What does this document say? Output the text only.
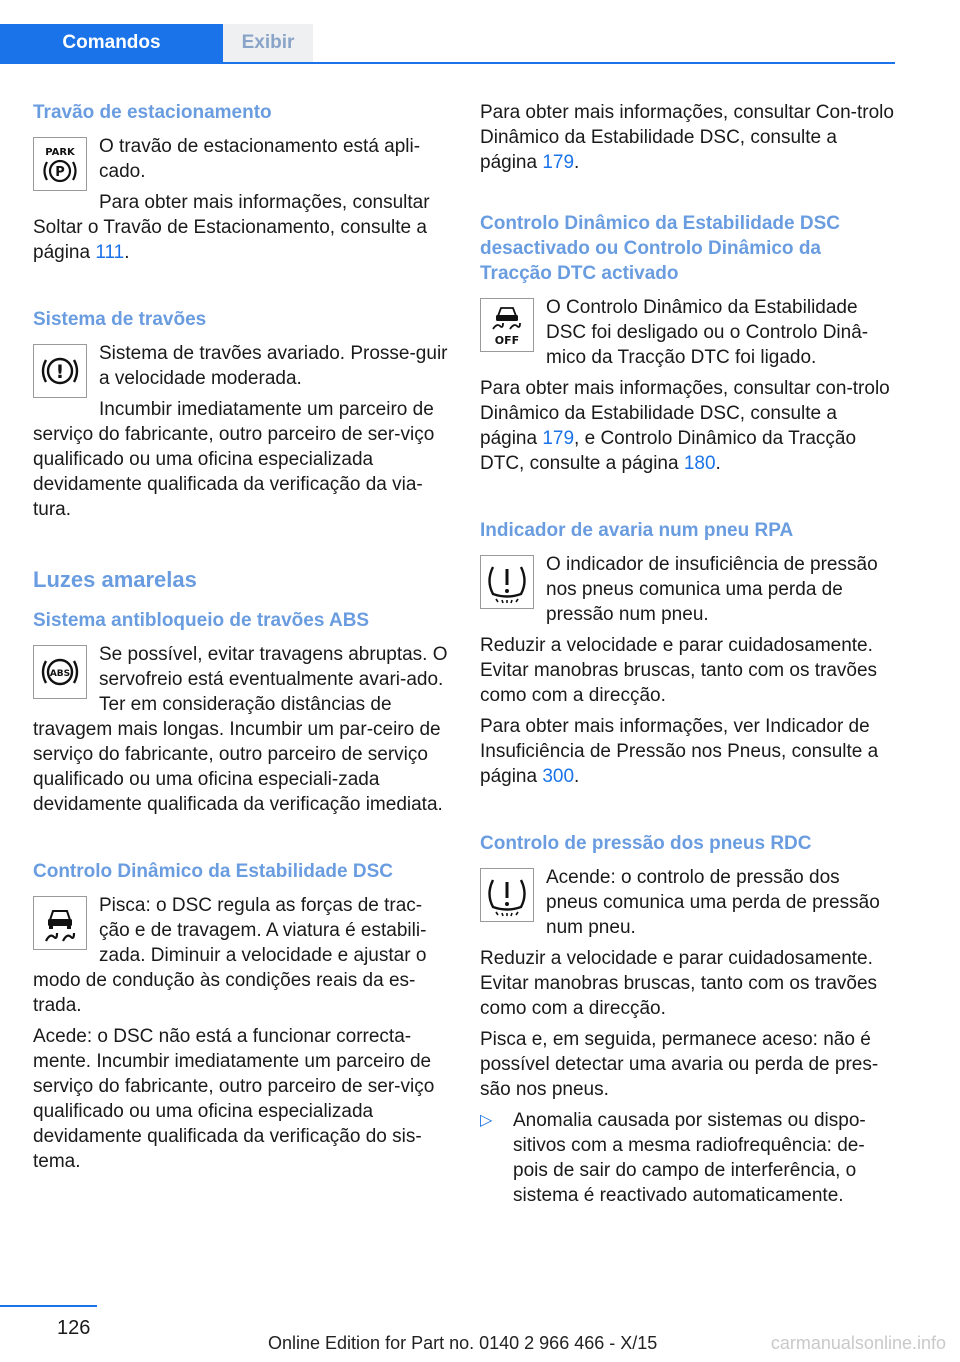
Comandos	Exibir
Travão de estacionamento
PARK
P

O travão de estacionamento está apli‐cado.

Para obter mais informações, consultar Soltar o Travão de Estacionamento, consulte a página 111.

Sistema de travões
!

Sistema de travões avariado. Prosse‐guir a velocidade moderada.

Incumbir imediatamente um parceiro de serviço do fabricante, outro parceiro de ser‐viço qualificado ou uma oficina especializada devidamente qualificada da verificação da via‐tura.

Luzes amarelas
Sistema antibloqueio de travões ABS
ABS

Se possível, evitar travagens abruptas. O servofreio está eventualmente avari‐ado. Ter em consideração distâncias de travagem mais longas. Incumbir um par‐ceiro de serviço do fabricante, outro parceiro de serviço qualificado ou uma oficina especiali‐zada devidamente qualificada da verificação imediata.

Controlo Dinâmico da Estabilidade DSC

Pisca: o DSC regula as forças de trac‐ção e de travagem. A viatura é estabili‐zada. Diminuir a velocidade e ajustar o modo de condução às condições reais da es‐trada.

Acede: o DSC não está a funcionar correcta‐mente. Incumbir imediatamente um parceiro de serviço do fabricante, outro parceiro de ser‐viço qualificado ou uma oficina especializada devidamente qualificada da verificação do sis‐tema.

Para obter mais informações, consultar Con‐trolo Dinâmico da Estabilidade DSC, consulte a página 179.

Controlo Dinâmico da Estabilidade DSC desactivado ou Controlo Dinâmico da Tracção DTC activado
OFF

O Controlo Dinâmico da Estabilidade DSC foi desligado ou o Controlo Dinâ‐mico da Tracção DTC foi ligado.

Para obter mais informações, consultar con‐trolo Dinâmico da Estabilidade DSC, consulte a página 179, e Controlo Dinâmico da Tracção DTC, consulte a página 180.

Indicador de avaria num pneu RPA

O indicador de insuficiência de pressão nos pneus comunica uma perda de pressão num pneu.

Reduzir a velocidade e parar cuidadosamente. Evitar manobras bruscas, tanto com os travões como com a direcção.

Para obter mais informações, ver Indicador de Insuficiência de Pressão nos Pneus, consulte a página 300.

Controlo de pressão dos pneus RDC

Acende: o controlo de pressão dos pneus comunica uma perda de pressão num pneu.

Reduzir a velocidade e parar cuidadosamente. Evitar manobras bruscas, tanto com os travões como com a direcção.

Pisca e, em seguida, permanece aceso: não é possível detectar uma avaria ou perda de pres‐são nos pneus.

▷ Anomalia causada por sistemas ou dispo‐sitivos com a mesma radiofrequência: de‐pois de sair do campo de interferência, o sistema é reactivado automaticamente.

126
Online Edition for Part no. 0140 2 966 466 - X/15	carmanualsonline.info
